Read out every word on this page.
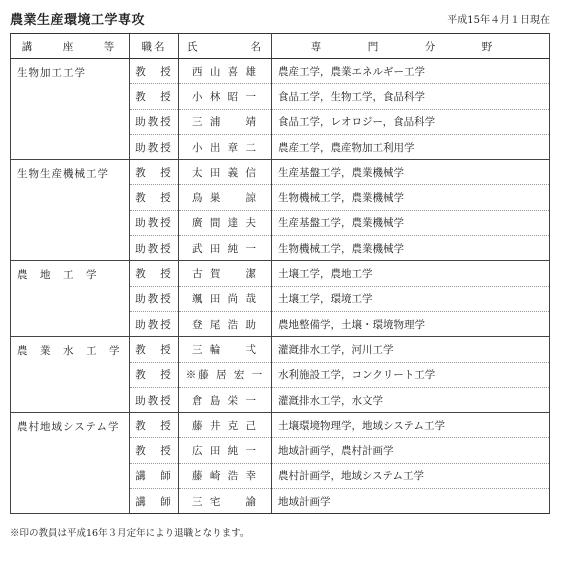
農業生産環境工学専攻	平成15年４月１日現在
講　座　等	職名	氏 名	専　門　分　野
生物加工工学	教　授	西 山 喜 雄	農産工学，農業エネルギー工学
	教　授	小 林 昭 一	食品工学，生物工学，食品科学
	助教授	三 浦 　 靖	食品工学，レオロジー，食品科学
	助教授	小 出 章 二	農産工学，農産物加工利用学
生物生産機械工学	教　授	太 田 義 信	生産基盤工学，農業機械学
	教　授	鳥 巣 　 諒	生物機械工学，農業機械学
	助教授	廣 間 達 夫	生産基盤工学，農業機械学
	助教授	武 田 純 一	生物機械工学，農業機械学
農　地　工　学	教　授	古 賀 　 潔	土壌工学，農地工学
	助教授	颯 田 尚 哉	土壌工学，環境工学
	助教授	登 尾 浩 助	農地整備学，土壌・環境物理学
農　業　水　工　学	教　授	三 輪 　 弌	灌漑排水工学，河川工学
	教　授	※藤 居 宏 一	水利施設工学，コンクリート工学
	助教授	倉 島 栄 一	灌漑排水工学，水文学
農村地域システム学	教　授	藤 井 克 己	土壌環境物理学，地域システム工学
	教　授	広 田 純 一	地域計画学，農村計画学
	講　師	藤 崎 浩 幸	農村計画学，地域システム工学
	講　師	三 宅 　 諭	地域計画学
※印の教員は平成16年３月定年により退職となります。
